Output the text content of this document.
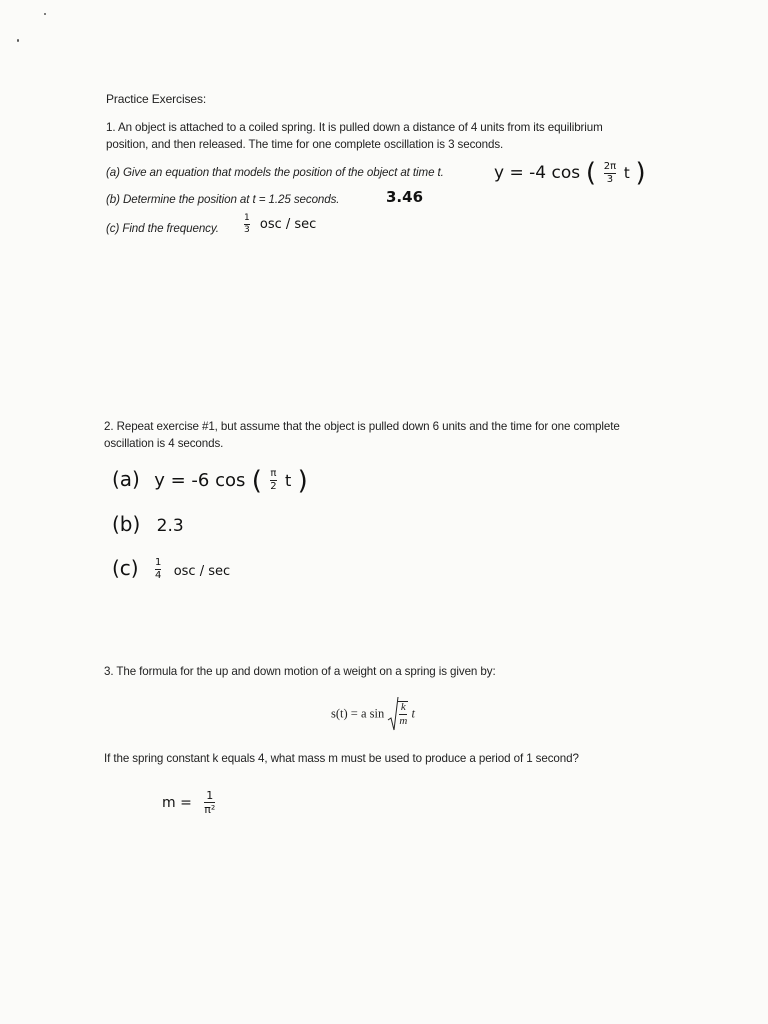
Practice Exercises:
1. An object is attached to a coiled spring. It is pulled down a distance of 4 units from its equilibrium
position, and then released. The time for one complete oscillation is 3 seconds.
(a) Give an equation that models the position of the object at time t.	y = -4 cos ( $\frac{2\pi}{3}$ t )
(b) Determine the position at t = 1.25 seconds.	3.46
(c) Find the frequency.	$\frac{1}{3}$ osc / sec
2. Repeat exercise #1, but assume that the object is pulled down 6 units and the time for one complete
oscillation is 4 seconds.
(a) y = -6 cos ( $\frac{\pi}{2}$ t )
(b) 2.3
$(c) \frac{1}{4}$ osc / sec
3. The formula for the up and down motion of a weight on a spring is given by:
s(t) = a $\sin \frac{k}{m}$ t
If the spring constant k equals 4, what mass m must be used to produce a period of 1 second?
$m = \frac{1}{\text{π²}}$
